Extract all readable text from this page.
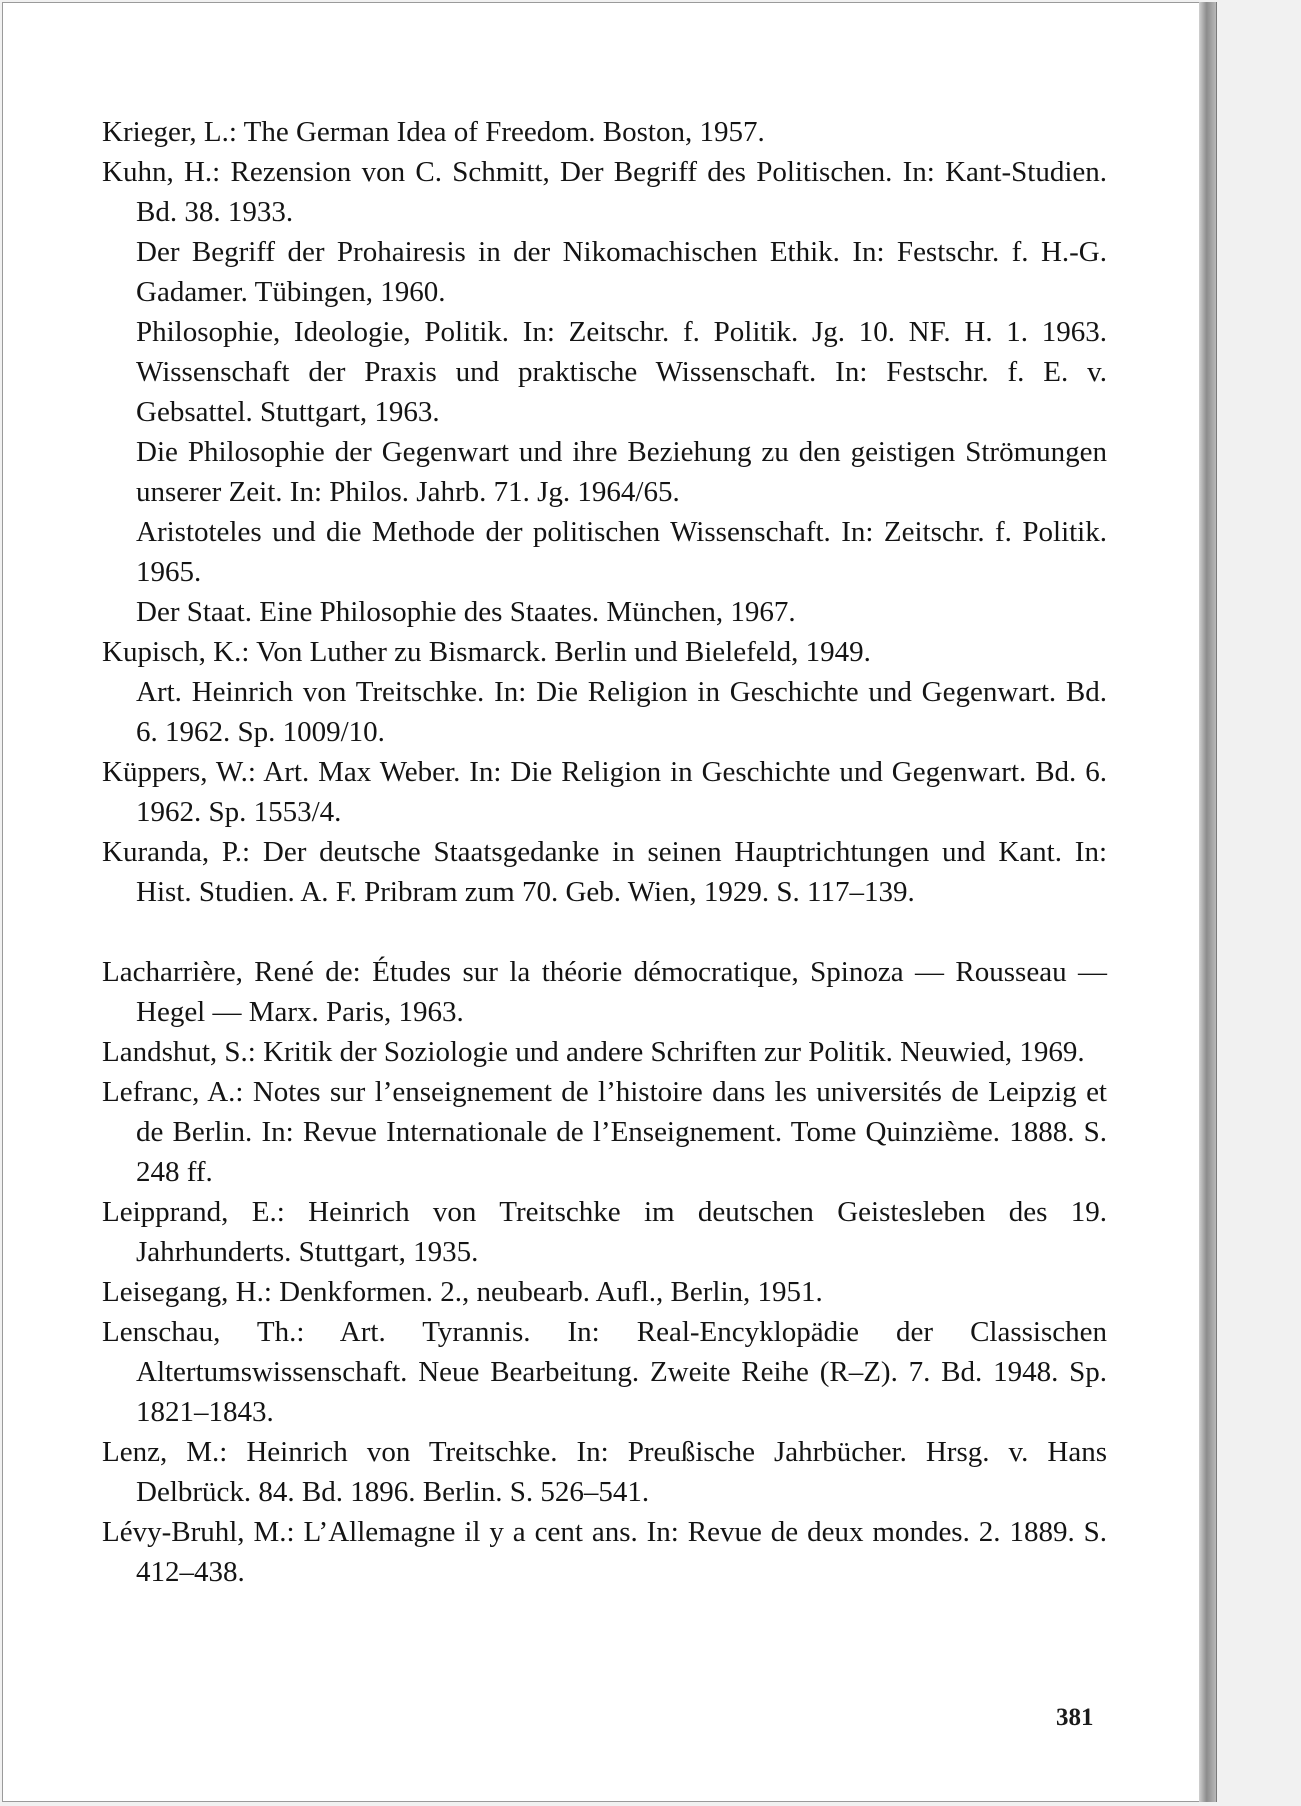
Krieger, L.: The German Idea of Freedom. Boston, 1957.

Kuhn, H.: Rezension von C. Schmitt, Der Begriff des Politischen. In: Kant-Studien. Bd. 38. 1933.

Der Begriff der Prohairesis in der Nikomachischen Ethik. In: Festschr. f. H.-G. Gadamer. Tübingen, 1960.

Philosophie, Ideologie, Politik. In: Zeitschr. f. Politik. Jg. 10. NF. H. 1. 1963. Wissenschaft der Praxis und praktische Wissenschaft. In: Festschr. f. E. v. Gebsattel. Stuttgart, 1963.

Die Philosophie der Gegenwart und ihre Beziehung zu den geistigen Strömungen unserer Zeit. In: Philos. Jahrb. 71. Jg. 1964/65.

Aristoteles und die Methode der politischen Wissenschaft. In: Zeitschr. f. Politik. 1965.

Der Staat. Eine Philosophie des Staates. München, 1967.

Kupisch, K.: Von Luther zu Bismarck. Berlin und Bielefeld, 1949.

Art. Heinrich von Treitschke. In: Die Religion in Geschichte und Gegenwart. Bd. 6. 1962. Sp. 1009/10.

Küppers, W.: Art. Max Weber. In: Die Religion in Geschichte und Gegenwart. Bd. 6. 1962. Sp. 1553/4.

Kuranda, P.: Der deutsche Staatsgedanke in seinen Hauptrichtungen und Kant. In: Hist. Studien. A. F. Pribram zum 70. Geb. Wien, 1929. S. 117–139.

Lacharrière, René de: Études sur la théorie démocratique, Spinoza — Rousseau — Hegel — Marx. Paris, 1963.

Landshut, S.: Kritik der Soziologie und andere Schriften zur Politik. Neuwied, 1969.

Lefranc, A.: Notes sur l’enseignement de l’histoire dans les universités de Leipzig et de Berlin. In: Revue Internationale de l’Enseignement. Tome Quinzième. 1888. S. 248 ff.

Leipprand, E.: Heinrich von Treitschke im deutschen Geistesleben des 19. Jahrhunderts. Stuttgart, 1935.

Leisegang, H.: Denkformen. 2., neubearb. Aufl., Berlin, 1951.

Lenschau, Th.: Art. Tyrannis. In: Real-Encyklopädie der Classischen Altertumswissenschaft. Neue Bearbeitung. Zweite Reihe (R–Z). 7. Bd. 1948. Sp. 1821–1843.

Lenz, M.: Heinrich von Treitschke. In: Preußische Jahrbücher. Hrsg. v. Hans Delbrück. 84. Bd. 1896. Berlin. S. 526–541.

Lévy-Bruhl, M.: L’Allemagne il y a cent ans. In: Revue de deux mondes. 2. 1889. S. 412–438.

381
